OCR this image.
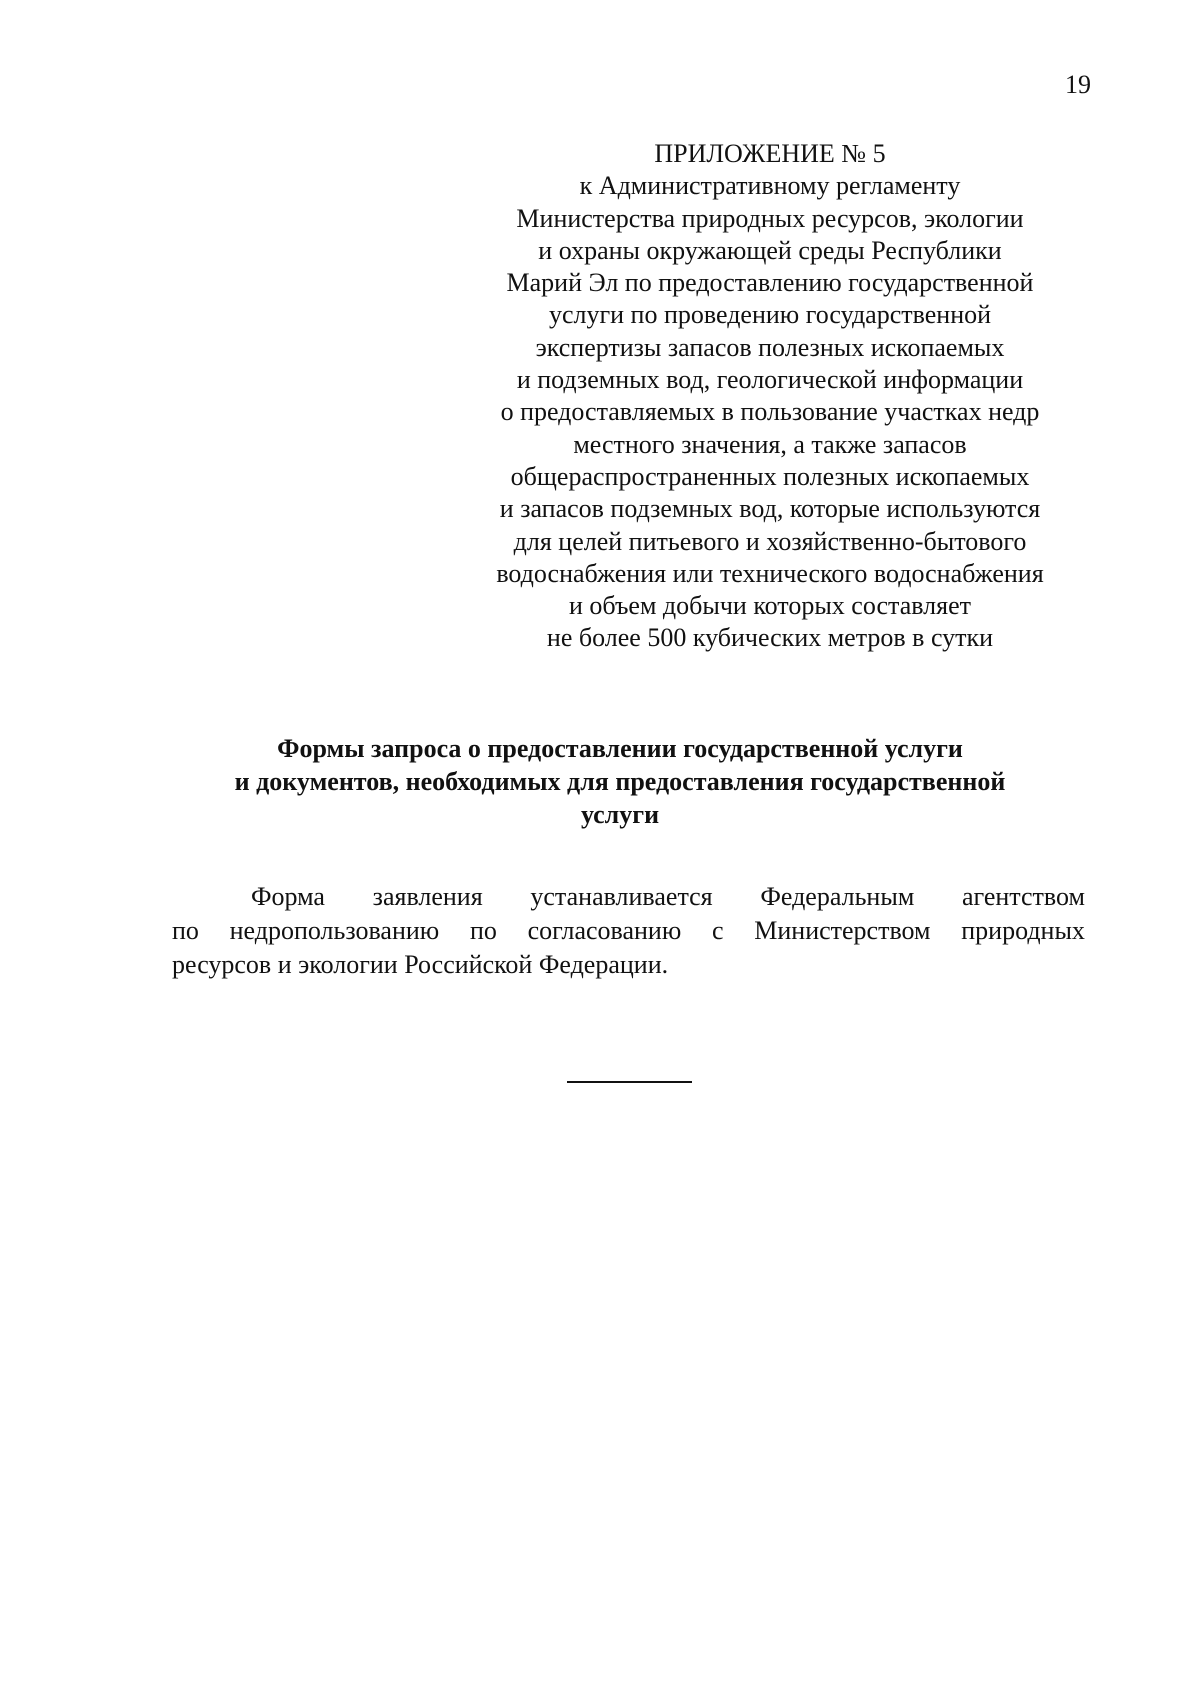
19
ПРИЛОЖЕНИЕ № 5
к Административному регламенту
Министерства природных ресурсов, экологии
и охраны окружающей среды Республики
Марий Эл по предоставлению государственной
услуги по проведению государственной
экспертизы запасов полезных ископаемых
и подземных вод, геологической информации
о предоставляемых в пользование участках недр
местного значения, а также запасов
общераспространенных полезных ископаемых
и запасов подземных вод, которые используются
для целей питьевого и хозяйственно-бытового
водоснабжения или технического водоснабжения
и объем добычи которых составляет
не более 500 кубических метров в сутки
Формы запроса о предоставлении государственной услуги
и документов, необходимых для предоставления государственной
услуги
Форма заявления устанавливается Федеральным агентством
по недропользованию по согласованию с Министерством природных
ресурсов и экологии Российской Федерации.
